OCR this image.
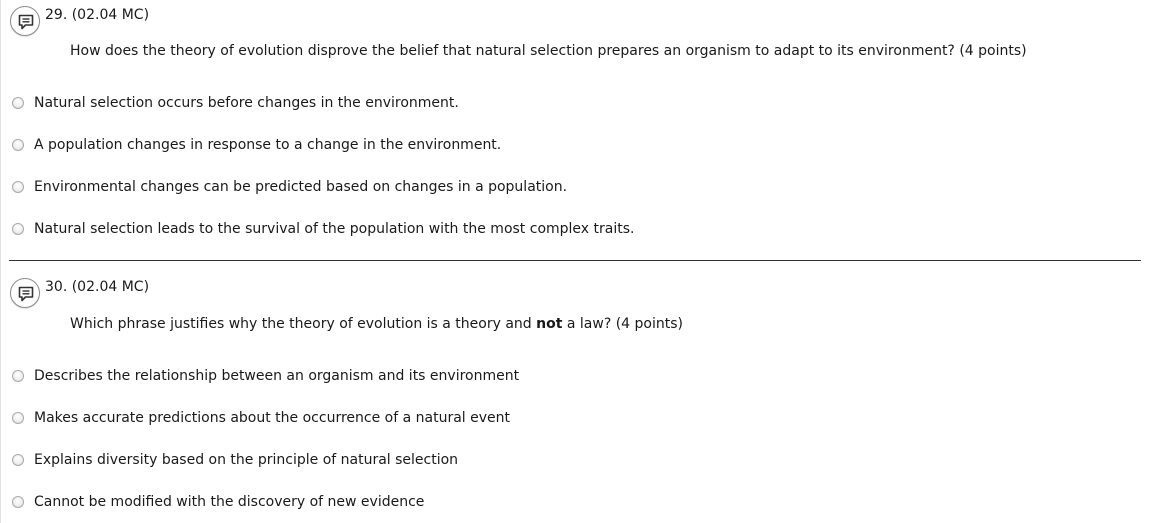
29. (02.04 MC)
How does the theory of evolution disprove the belief that natural selection prepares an organism to adapt to its environment? (4 points)
Natural selection occurs before changes in the environment.
A population changes in response to a change in the environment.
Environmental changes can be predicted based on changes in a population.
Natural selection leads to the survival of the population with the most complex traits.
30. (02.04 MC)
Which phrase justifies why the theory of evolution is a theory and not a law? (4 points)
Describes the relationship between an organism and its environment
Makes accurate predictions about the occurrence of a natural event
Explains diversity based on the principle of natural selection
Cannot be modified with the discovery of new evidence
